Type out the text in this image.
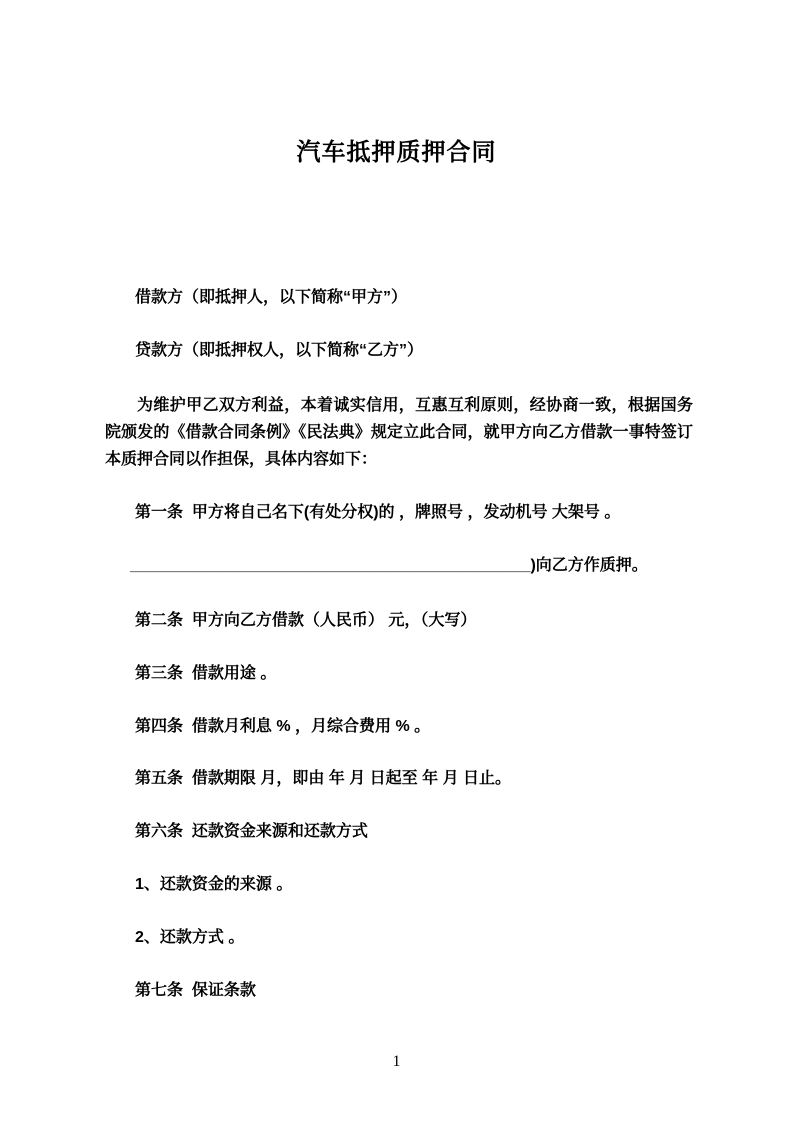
汽车抵押质押合同

借款方（即抵押人，以下简称“甲方”）

贷款方（即抵押权人，以下简称“乙方”）

为维护甲乙双方利益，本着诚实信用，互惠互利原则，经协商一致，根据国务院颁发的《借款合同条例》《民法典》规定立此合同，就甲方向乙方借款一事特签订本质押合同以作担保，具体内容如下：

第一条  甲方将自己名下(有处分权)的 ，牌照号 ，发动机号 大架号 。

_____________________________________________)向乙方作质押。

第二条  甲方向乙方借款（人民币） 元，（大写）

第三条  借款用途 。

第四条  借款月利息 % ，月综合费用 % 。

第五条  借款期限 月，即由 年 月 日起至 年 月 日止。

第六条  还款资金来源和还款方式

1、还款资金的来源 。

2、还款方式 。

第七条  保证条款

1
